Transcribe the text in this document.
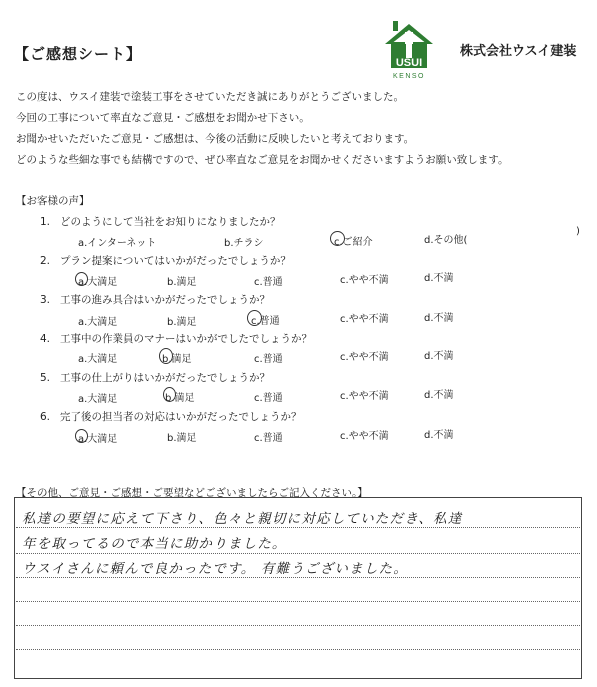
【ご感想シート】	USUI
KENSO
株式会社ウスイ建装
この度は、ウスイ建装で塗装工事をさせていただき誠にありがとうございました。
今回の工事について率直なご意見・ご感想をお聞かせ下さい。
お聞かせいただいたご意見・ご感想は、今後の活動に反映したいと考えております。
どのような些細な事でも結構ですので、ぜひ率直なご意見をお聞かせくださいますようお願い致します。
【お客様の声】
1. どのようにして当社をお知りになりましたか？
a.インターネット	b.チラシ	c.ご紹介	d.その他(
)
2. プラン提案についてはいかがだったでしょうか？
a.大満足	b.満足	c.普通	c.やや不満	d.不満
3. 工事の進み具合はいかがだったでしょうか？
a.大満足	b.満足	c.普通	c.やや不満	d.不満
4. 工事中の作業員のマナーはいかがでしたでしょうか？
a.大満足	b.満足	c.普通	c.やや不満	d.不満
5. 工事の仕上がりはいかがだったでしょうか？
a.大満足	b.満足	c.普通	c.やや不満	d.不満
6. 完了後の担当者の対応はいかがだったでしょうか？
a.大満足	b.満足	c.普通	c.やや不満	d.不満
【その他、ご意見・ご感想・ご要望などございましたらご記入ください。】
私達の要望に応えて下さり、色々と親切に対応していただき、私達
年を取ってるので本当に助かりました。
ウスイさんに頼んで良かったです。 有難うございました。
